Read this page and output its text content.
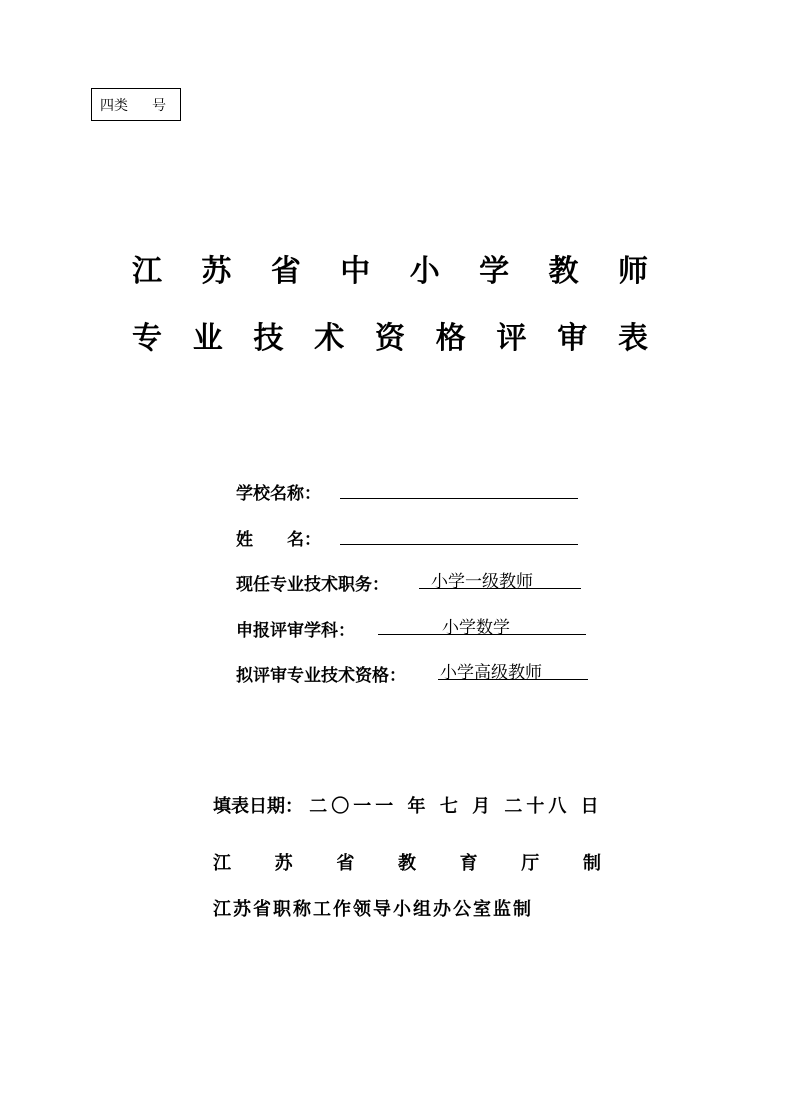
四类 号
江 苏 省 中 小 学 教 师
专 业 技 术 资 格 评 审 表
学校名称：
姓　　名：
现任专业技术职务：	小学一级教师
申报评审学科：	小学数学
拟评审专业技术资格： 小学高级教师
填表日期： 二〇一一 年 七 月 二十八 日
江 苏 省 教 育 厅 制
江苏省职称工作领导小组办公室监制
